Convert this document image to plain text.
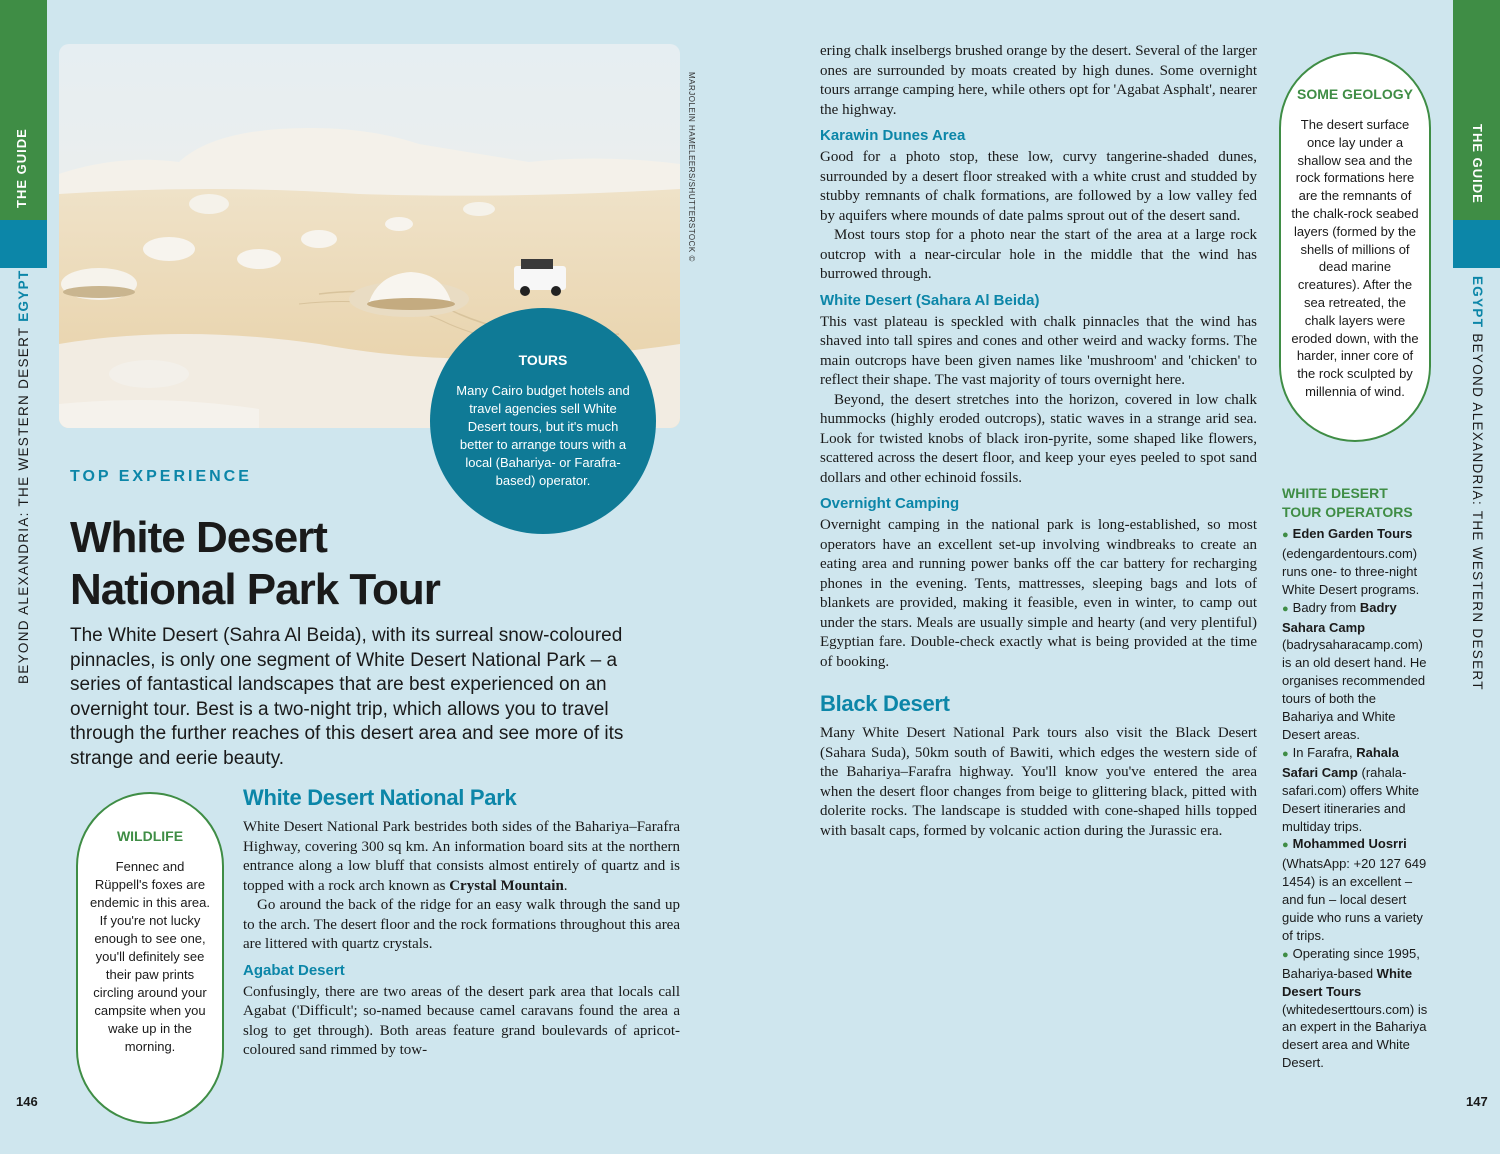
THE GUIDE
BEYOND ALEXANDRIA: THE WESTERN DESERT EGYPT
146
THE GUIDE
EGYPT BEYOND ALEXANDRIA: THE WESTERN DESERT
147
MARJOLEIN HAMELEERS/SHUTTERSTOCK ©
TOURS

Many Cairo budget hotels and travel agencies sell White Desert tours, but it's much better to arrange tours with a local (Bahariya- or Farafra-based) operator.

TOP EXPERIENCE
White Desert National Park Tour

The White Desert (Sahra Al Beida), with its surreal snow-coloured pinnacles, is only one segment of White Desert National Park – a series of fantastical landscapes that are best experienced on an overnight tour. Best is a two-night trip, which allows you to travel through the further reaches of this desert area and see more of its strange and eerie beauty.

WILDLIFE

Fennec and Rüppell's foxes are endemic in this area. If you're not lucky enough to see one, you'll definitely see their paw prints circling around your campsite when you wake up in the morning.

White Desert National Park

White Desert National Park bestrides both sides of the Bahariya–Farafra Highway, covering 300 sq km. An information board sits at the northern entrance along a low bluff that consists almost entirely of quartz and is topped with a rock arch known as Crystal Mountain.

Go around the back of the ridge for an easy walk through the sand up to the arch. The desert floor and the rock formations throughout this area are littered with quartz crystals.

Agabat Desert

Confusingly, there are two areas of the desert park area that locals call Agabat ('Difficult'; so-named because camel caravans found the area a slog to get through). Both areas feature grand boulevards of apricot-coloured sand rimmed by tow-

ering chalk inselbergs brushed orange by the desert. Several of the larger ones are surrounded by moats created by high dunes. Some overnight tours arrange camping here, while others opt for 'Agabat Asphalt', nearer the highway.

Karawin Dunes Area

Good for a photo stop, these low, curvy tangerine-shaded dunes, surrounded by a desert floor streaked with a white crust and studded by stubby remnants of chalk formations, are followed by a low valley fed by aquifers where mounds of date palms sprout out of the desert sand.

Most tours stop for a photo near the start of the area at a large rock outcrop with a near-circular hole in the middle that the wind has burrowed through.

White Desert (Sahara Al Beida)

This vast plateau is speckled with chalk pinnacles that the wind has shaved into tall spires and cones and other weird and wacky forms. The main outcrops have been given names like 'mushroom' and 'chicken' to reflect their shape. The vast majority of tours overnight here.

Beyond, the desert stretches into the horizon, covered in low chalk hummocks (highly eroded outcrops), static waves in a strange arid sea. Look for twisted knobs of black iron-pyrite, some shaped like flowers, scattered across the desert floor, and keep your eyes peeled to spot sand dollars and other echinoid fossils.

Overnight Camping

Overnight camping in the national park is long-established, so most operators have an excellent set-up involving windbreaks to create an eating area and running power banks off the car battery for recharging phones in the evening. Tents, mattresses, sleeping bags and lots of blankets are provided, making it feasible, even in winter, to camp out under the stars. Meals are usually simple and hearty (and very plentiful) Egyptian fare. Double-check exactly what is being provided at the time of booking.

Black Desert

Many White Desert National Park tours also visit the Black Desert (Sahara Suda), 50km south of Bawiti, which edges the western side of the Bahariya–Farafra highway. You'll know you've entered the area when the desert floor changes from beige to glittering black, pitted with dolerite rocks. The landscape is studded with cone-shaped hills topped with basalt caps, formed by volcanic action during the Jurassic era.

SOME GEOLOGY

The desert surface once lay under a shallow sea and the rock formations here are the remnants of the chalk-rock seabed layers (formed by the shells of millions of dead marine creatures). After the sea retreated, the chalk layers were eroded down, with the harder, inner core of the rock sculpted by millennia of wind.

WHITE DESERT TOUR OPERATORS

● Eden Garden Tours (edengardentours.com) runs one- to three-night White Desert programs.

● Badry from Badry Sahara Camp (badrysaharacamp.com) is an old desert hand. He organises recommended tours of both the Bahariya and White Desert areas.

● In Farafra, Rahala Safari Camp (rahala-safari.com) offers White Desert itineraries and multiday trips.

● Mohammed Uosrri (WhatsApp: +20 127 649 1454) is an excellent – and fun – local desert guide who runs a variety of trips.

● Operating since 1995, Bahariya-based White Desert Tours (whitedeserttours.com) is an expert in the Bahariya desert area and White Desert.
